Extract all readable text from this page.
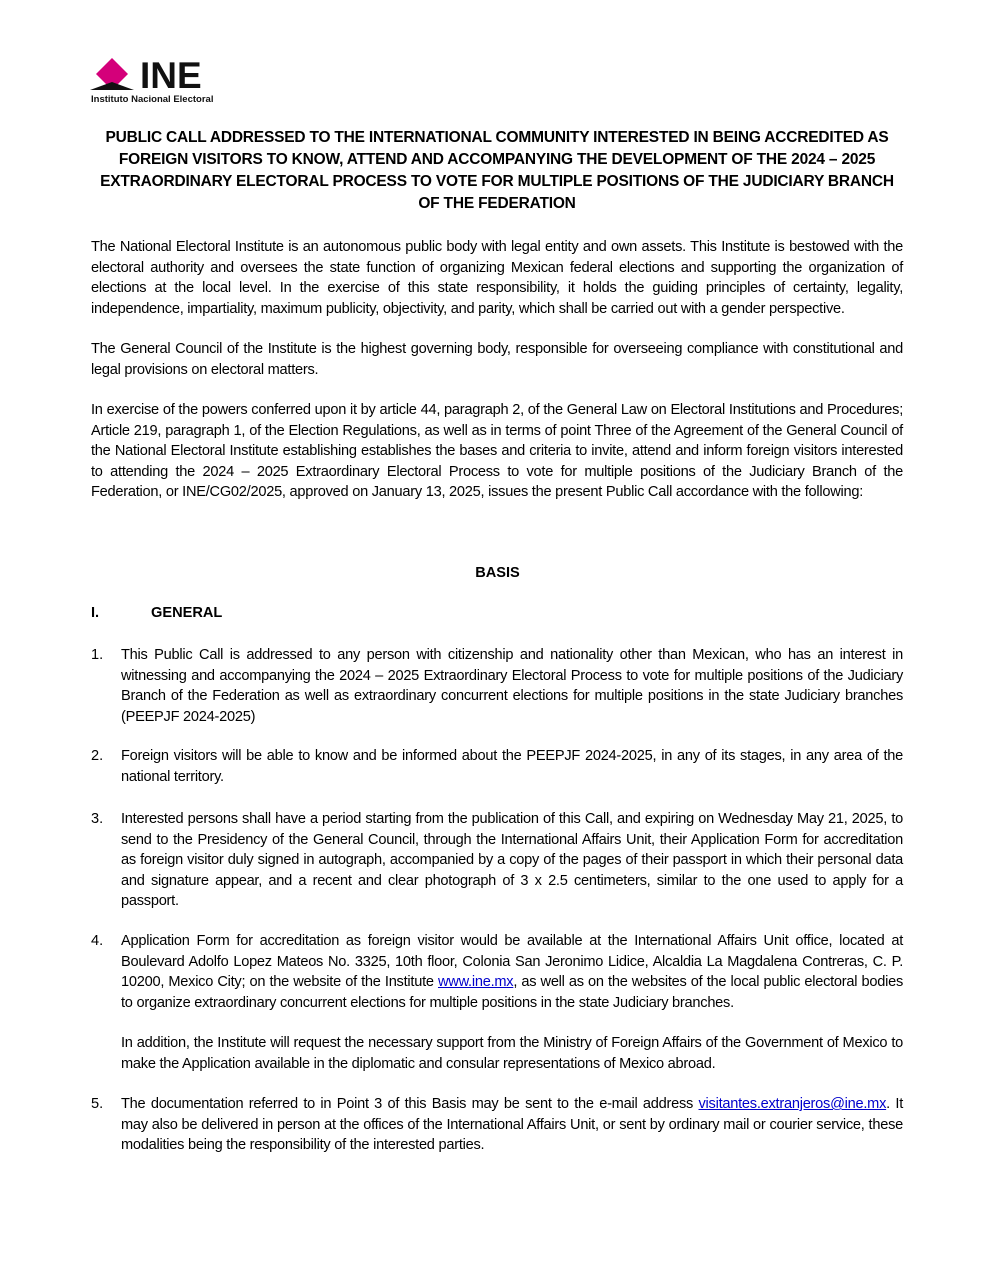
INE
Instituto Nacional Electoral
PUBLIC CALL ADDRESSED TO THE INTERNATIONAL COMMUNITY INTERESTED IN BEING ACCREDITED AS FOREIGN VISITORS TO KNOW, ATTEND AND ACCOMPANYING THE DEVELOPMENT OF THE 2024 – 2025 EXTRAORDINARY ELECTORAL PROCESS TO VOTE FOR MULTIPLE POSITIONS OF THE JUDICIARY BRANCH OF THE FEDERATION
The National Electoral Institute is an autonomous public body with legal entity and own assets. This Institute is bestowed with the electoral authority and oversees the state function of organizing Mexican federal elections and supporting the organization of elections at the local level. In the exercise of this state responsibility, it holds the guiding principles of certainty, legality, independence, impartiality, maximum publicity, objectivity, and parity, which shall be carried out with a gender perspective.
The General Council of the Institute is the highest governing body, responsible for overseeing compliance with constitutional and legal provisions on electoral matters.
In exercise of the powers conferred upon it by article 44, paragraph 2, of the General Law on Electoral Institutions and Procedures; Article 219, paragraph 1, of the Election Regulations, as well as in terms of point Three of the Agreement of the General Council of the National Electoral Institute establishing establishes the bases and criteria to invite, attend and inform foreign visitors interested to attending the 2024 – 2025 Extraordinary Electoral Process to vote for multiple positions of the Judiciary Branch of the Federation, or INE/CG02/2025, approved on January 13, 2025, issues the present Public Call accordance with the following:
BASIS
I.	GENERAL
1. This Public Call is addressed to any person with citizenship and nationality other than Mexican, who has an interest in witnessing and accompanying the 2024 – 2025 Extraordinary Electoral Process to vote for multiple positions of the Judiciary Branch of the Federation as well as extraordinary concurrent elections for multiple positions in the state Judiciary branches (PEEPJF 2024-2025)
2. Foreign visitors will be able to know and be informed about the PEEPJF 2024-2025, in any of its stages, in any area of the national territory.
3. Interested persons shall have a period starting from the publication of this Call, and expiring on Wednesday May 21, 2025, to send to the Presidency of the General Council, through the International Affairs Unit, their Application Form for accreditation as foreign visitor duly signed in autograph, accompanied by a copy of the pages of their passport in which their personal data and signature appear, and a recent and clear photograph of 3 x 2.5 centimeters, similar to the one used to apply for a passport.
4. Application Form for accreditation as foreign visitor would be available at the International Affairs Unit office, located at Boulevard Adolfo Lopez Mateos No. 3325, 10th floor, Colonia San Jeronimo Lidice, Alcaldia La Magdalena Contreras, C. P. 10200, Mexico City; on the website of the Institute www.ine.mx, as well as on the websites of the local public electoral bodies to organize extraordinary concurrent elections for multiple positions in the state Judiciary branches.
In addition, the Institute will request the necessary support from the Ministry of Foreign Affairs of the Government of Mexico to make the Application available in the diplomatic and consular representations of Mexico abroad.
5. The documentation referred to in Point 3 of this Basis may be sent to the e-mail address visitantes.extranjeros@ine.mx. It may also be delivered in person at the offices of the International Affairs Unit, or sent by ordinary mail or courier service, these modalities being the responsibility of the interested parties.
